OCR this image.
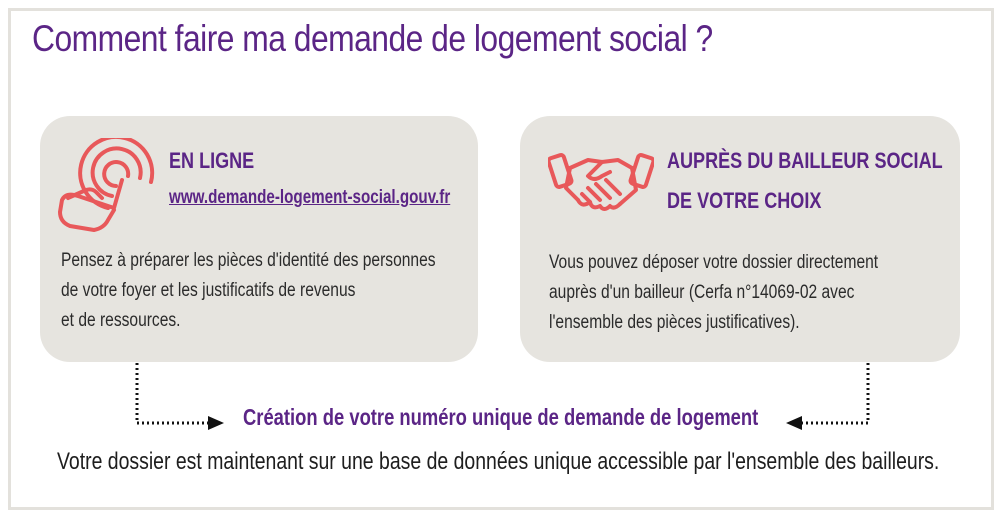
Comment faire ma demande de logement social ?
EN LIGNE
www.demande-logement-social.gouv.fr
Pensez à préparer les pièces d'identité des personnes
de votre foyer et les justificatifs de revenus
et de ressources.
AUPRÈS DU BAILLEUR SOCIAL
DE VOTRE CHOIX
Vous pouvez déposer votre dossier directement
auprès d'un bailleur (Cerfa n°14069-02 avec
l'ensemble des pièces justificatives).
Création de votre numéro unique de demande de logement
Votre dossier est maintenant sur une base de données unique accessible par l'ensemble des bailleurs.
